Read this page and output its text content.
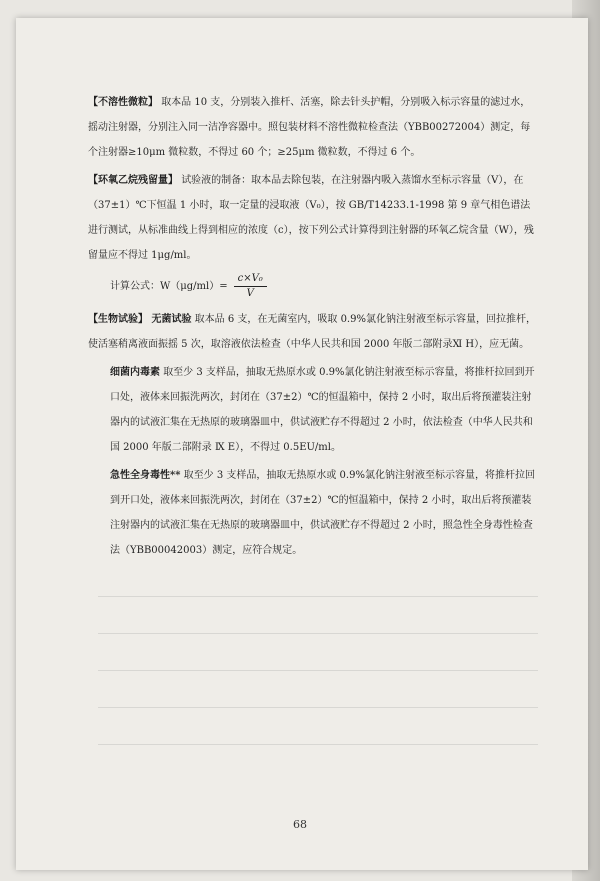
【不溶性微粒】 取本品 10 支，分别装入推杆、活塞，除去针头护帽，分别吸入标示容量的滤过水，摇动注射器，分别注入同一洁净容器中。照包装材料不溶性微粒检查法（YBB00272004）测定，每个注射器≥10μm 微粒数，不得过 60 个；≥25μm 微粒数，不得过 6 个。

【环氧乙烷残留量】 试验液的制备：取本品去除包装，在注射器内吸入蒸馏水至标示容量（V），在（37±1）℃下恒温 1 小时，取一定量的浸取液（V₀），按 GB/T14233.1-1998 第 9 章气相色谱法进行测试，从标准曲线上得到相应的浓度（c），按下列公式计算得到注射器的环氧乙烷含量（W），残留量应不得过 1μg/ml。

计算公式：$W(\mu g/ml)= \frac{\text{c×V₀}}{V}$

【生物试验】 无菌试验 取本品 6 支，在无菌室内，吸取 0.9%氯化钠注射液至标示容量，回拉推杆，使活塞稍离液面振摇 5 次，取溶液依法检查（中华人民共和国 2000 年版二部附录Ⅺ H），应无菌。

细菌内毒素 取至少 3 支样品，抽取无热原水或 0.9%氯化钠注射液至标示容量，将推杆拉回到开口处，液体来回振洗两次，封闭在（37±2）℃的恒温箱中，保持 2 小时，取出后将预灌装注射器内的试液汇集在无热原的玻璃器皿中，供试液贮存不得超过 2 小时，依法检查（中华人民共和国 2000 年版二部附录 Ⅸ E），不得过 0.5EU/ml。

急性全身毒性** 取至少 3 支样品，抽取无热原水或 0.9%氯化钠注射液至标示容量，将推杆拉回到开口处，液体来回振洗两次，封闭在（37±2）℃的恒温箱中，保持 2 小时，取出后将预灌装注射器内的试液汇集在无热原的玻璃器皿中，供试液贮存不得超过 2 小时，照急性全身毒性检查法（YBB00042003）测定，应符合规定。

68
